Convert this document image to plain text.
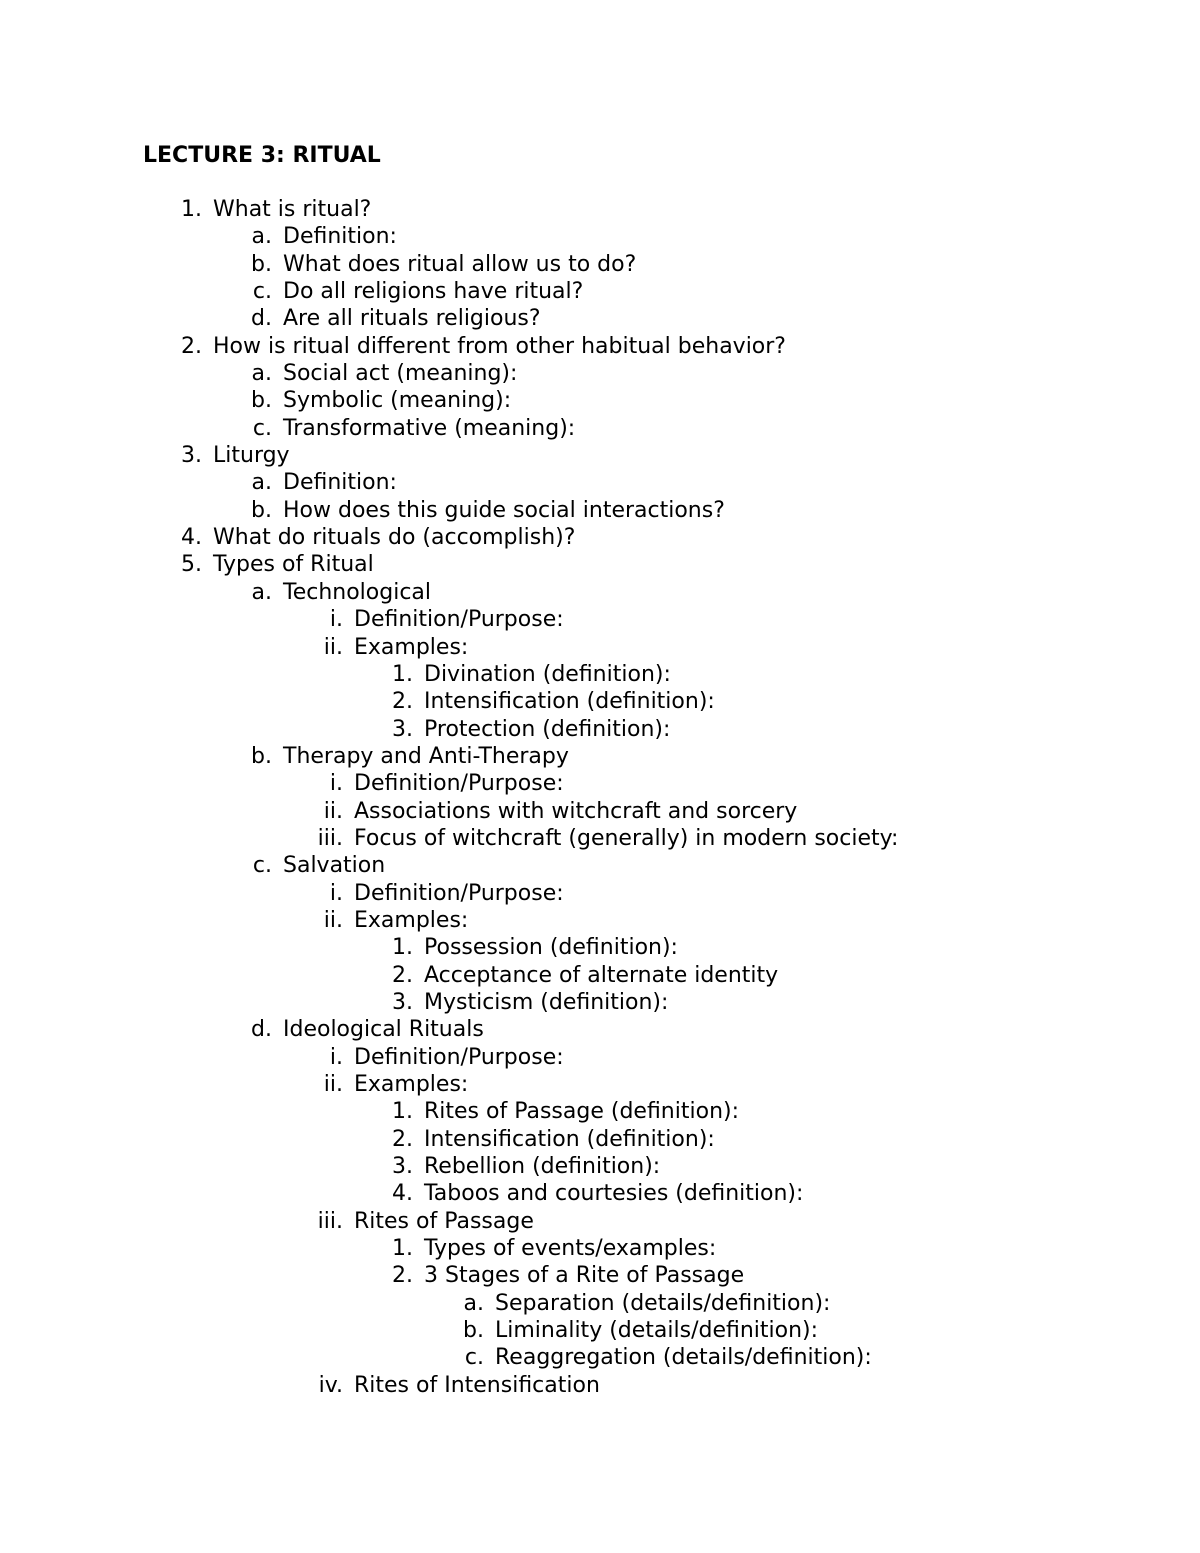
LECTURE 3: RITUAL
1. What is ritual?
a. Definition:
b. What does ritual allow us to do?
c. Do all religions have ritual?
d. Are all rituals religious?
2. How is ritual different from other habitual behavior?
a. Social act (meaning):
b. Symbolic (meaning):
c. Transformative (meaning):
3. Liturgy
a. Definition:
b. How does this guide social interactions?
4. What do rituals do (accomplish)?
5. Types of Ritual
a. Technological
i. Definition/Purpose:
ii. Examples:
1. Divination (definition):
2. Intensification (definition):
3. Protection (definition):
b. Therapy and Anti-Therapy
i. Definition/Purpose:
ii. Associations with witchcraft and sorcery
iii. Focus of witchcraft (generally) in modern society:
c. Salvation
i. Definition/Purpose:
ii. Examples:
1. Possession (definition):
2. Acceptance of alternate identity
3. Mysticism (definition):
d. Ideological Rituals
i. Definition/Purpose:
ii. Examples:
1. Rites of Passage (definition):
2. Intensification (definition):
3. Rebellion (definition):
4. Taboos and courtesies (definition):
iii. Rites of Passage
1. Types of events/examples:
2. 3 Stages of a Rite of Passage
a. Separation (details/definition):
b. Liminality (details/definition):
c. Reaggregation (details/definition):
iv. Rites of Intensification
